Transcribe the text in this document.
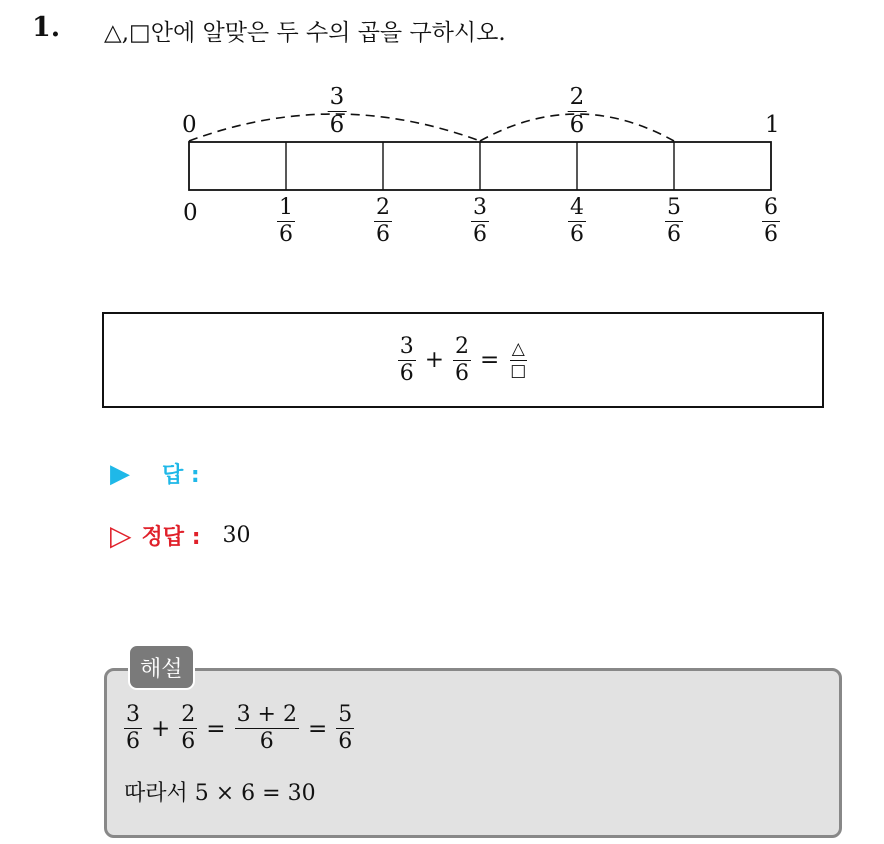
1. △,□안에 알맞은 두 수의 곱을 구하시오.
0	1
$\frac{3}{6}$	$\frac{2}{6}$
0	$\frac{1}{6}$	$\frac{2}{6}$	$\frac{3}{6}$	$\frac{4}{6}$	$\frac{5}{6}$	$\frac{6}{6}$
$\frac{3}{6} + \frac{2}{6} = \frac{\triangle}{□}$
▶ 답 :
▷ 정답 : 30
해설
$\frac{3}{6} + \frac{2}{6} = \frac{3 + 2}{6} = \frac{5}{6}$
따라서 5 × 6 = 30
